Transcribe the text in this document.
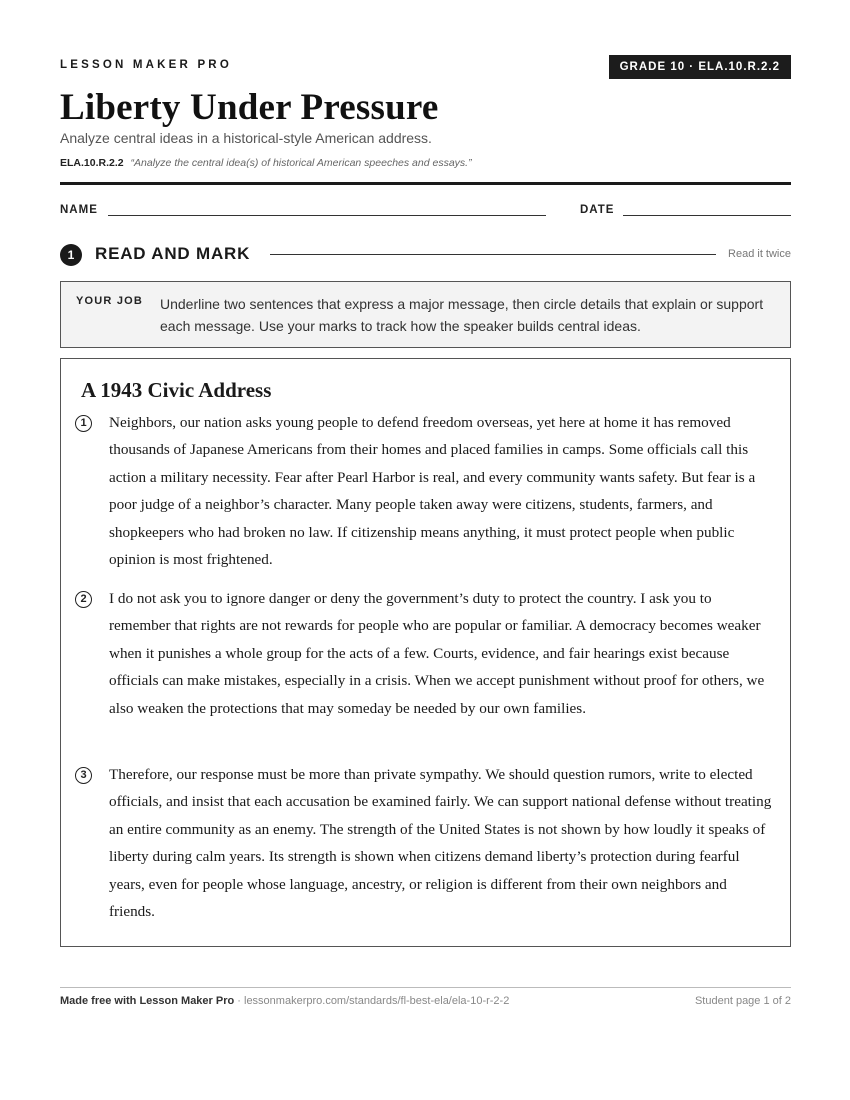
LESSON MAKER PRO	GRADE 10 · ELA.10.R.2.2
Liberty Under Pressure
Analyze central ideas in a historical-style American address.
ELA.10.R.2.2 “Analyze the central idea(s) of historical American speeches and essays.”
NAME	DATE
1	READ AND MARK	Read it twice
YOUR JOB Underline two sentences that express a major message, then circle details that explain or support each message. Use your marks to track how the speaker builds central ideas.
A 1943 Civic Address
1	Neighbors, our nation asks young people to defend freedom overseas, yet here at home it has removed thousands of Japanese Americans from their homes and placed families in camps. Some officials call this action a military necessity. Fear after Pearl Harbor is real, and every community wants safety. But fear is a poor judge of a neighbor’s character. Many people taken away were citizens, students, farmers, and shopkeepers who had broken no law. If citizenship means anything, it must protect people when public opinion is most frightened.

2	I do not ask you to ignore danger or deny the government’s duty to protect the country. I ask you to remember that rights are not rewards for people who are popular or familiar. A democracy becomes weaker when it punishes a whole group for the acts of a few. Courts, evidence, and fair hearings exist because officials can make mistakes, especially in a crisis. When we accept punishment without proof for others, we also weaken the protections that may someday be needed by our own families.

3	Therefore, our response must be more than private sympathy. We should question rumors, write to elected officials, and insist that each accusation be examined fairly. We can support national defense without treating an entire community as an enemy. The strength of the United States is not shown by how loudly it speaks of liberty during calm years. Its strength is shown when citizens demand liberty’s protection during fearful years, even for people whose language, ancestry, or religion is different from their own neighbors and friends.

Made free with Lesson Maker Pro · lessonmakerpro.com/standards/fl-best-ela/ela-10-r-2-2	Student page 1 of 2
